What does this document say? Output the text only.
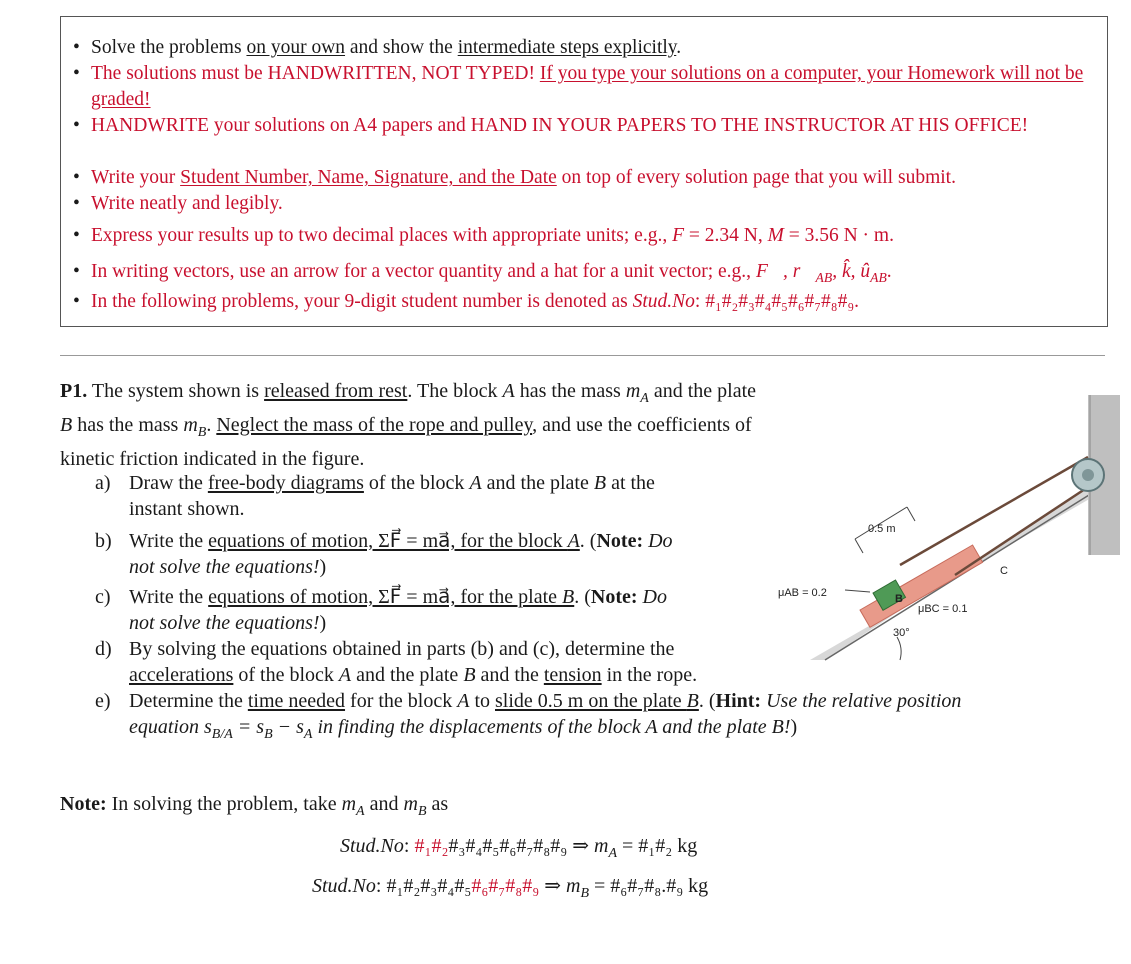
• Solve the problems on your own and show the intermediate steps explicitly.
• The solutions must be HANDWRITTEN, NOT TYPED! If you type your solutions on a computer, your Homework will not be graded!
• HANDWRITE your solutions on A4 papers and HAND IN YOUR PAPERS TO THE INSTRUCTOR AT HIS OFFICE!
• Write your Student Number, Name, Signature, and the Date on top of every solution page that you will submit.
• Write neatly and legibly.
• Express your results up to two decimal places with appropriate units; e.g., F = 2.34 N, M = 3.56 N · m.
• In writing vectors, use an arrow for a vector quantity and a hat for a unit vector; e.g., F⃗, $r⃗_{AB}$, k̂, $û_{AB}$.
• In the following problems, your 9-digit student number is denoted as Stud.No: #₁#₂#₃#₄#₅#₆#₇#₈#₉.
P1. The system shown is released from rest. The block A has the mass $m_A$ and the plate B has the mass $m_B$. Neglect the mass of the rope and pulley, and use the coefficients of kinetic friction indicated in the figure.
a) Draw the free-body diagrams of the block A and the plate B at the
instant shown.
b) Write the equations of motion, ΣF⃗ = ma⃗, for the block A. (Note: Do
not solve the equations!)
c) Write the equations of motion, ΣF⃗ = ma⃗, for the plate B. (Note: Do
not solve the equations!)
d) By solving the equations obtained in parts (b) and (c), determine the
accelerations of the block A and the plate B and the tension in the rope.
e) Determine the time needed for the block A to slide 0.5 m on the plate B. (Hint: Use the relative position
equation $s_{B/A} = s_B - s_A$ in finding the displacements of the block A and the plate B!)
0.5 m
μAB = 0.2
μBC = 0.1
30°
A
B
C
Note: In solving the problem, take $m_A$ and $m_B$ as
Stud.No: #₁#₂#₃#₄#₅#₆#₇#₈#₉ ⇒ $m_A$ = #₁#₂ kg
Stud.No: #₁#₂#₃#₄#₅#₆#₇#₈#₉ ⇒ $m_B$ = #₆#₇#₈.#₉ kg
